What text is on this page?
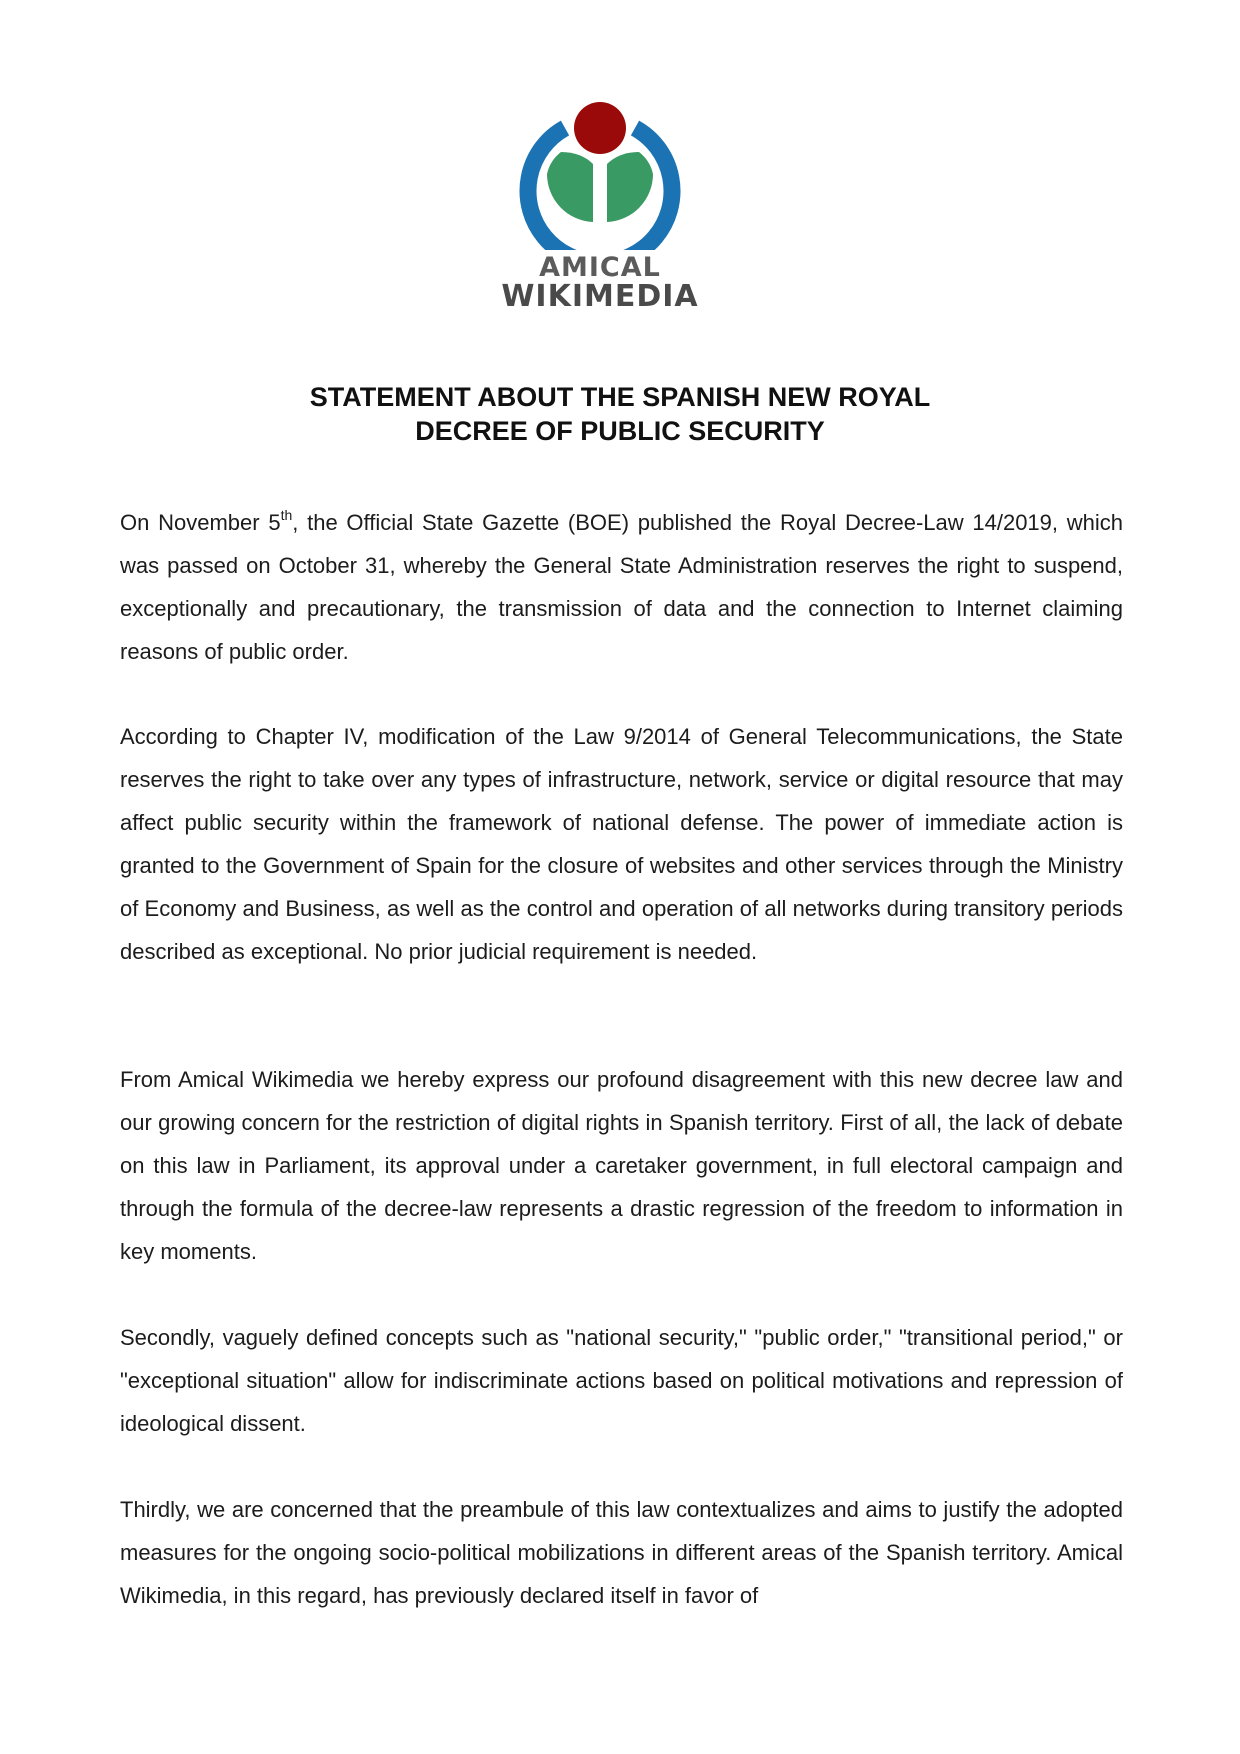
AMICAL
WIKIMEDIA
STATEMENT ABOUT THE SPANISH NEW ROYAL
DECREE OF PUBLIC SECURITY
On November 5th, the Official State Gazette (BOE) published the Royal Decree-Law 14/2019, which was passed on October 31, whereby the General State Administration reserves the right to suspend, exceptionally and precautionary, the transmission of data and the connection to Internet claiming reasons of public order.
According to Chapter IV, modification of the Law 9/2014 of General Telecommunications, the State reserves the right to take over any types of infrastructure, network, service or digital resource that may affect public security within the framework of national defense. The power of immediate action is granted to the Government of Spain for the closure of websites and other services through the Ministry of Economy and Business, as well as the control and operation of all networks during transitory periods described as exceptional. No prior judicial requirement is needed.
From Amical Wikimedia we hereby express our profound disagreement with this new decree law and our growing concern for the restriction of digital rights in Spanish territory. First of all, the lack of debate on this law in Parliament, its approval under a caretaker government, in full electoral campaign and through the formula of the decree-law represents a drastic regression of the freedom to information in key moments.
Secondly, vaguely defined concepts such as "national security," "public order," "transitional period," or "exceptional situation" allow for indiscriminate actions based on political motivations and repression of ideological dissent.
Thirdly, we are concerned that the preambule of this law contextualizes and aims to justify the adopted measures for the ongoing socio-political mobilizations in different areas of the Spanish territory. Amical Wikimedia, in this regard, has previously declared itself in favor of
